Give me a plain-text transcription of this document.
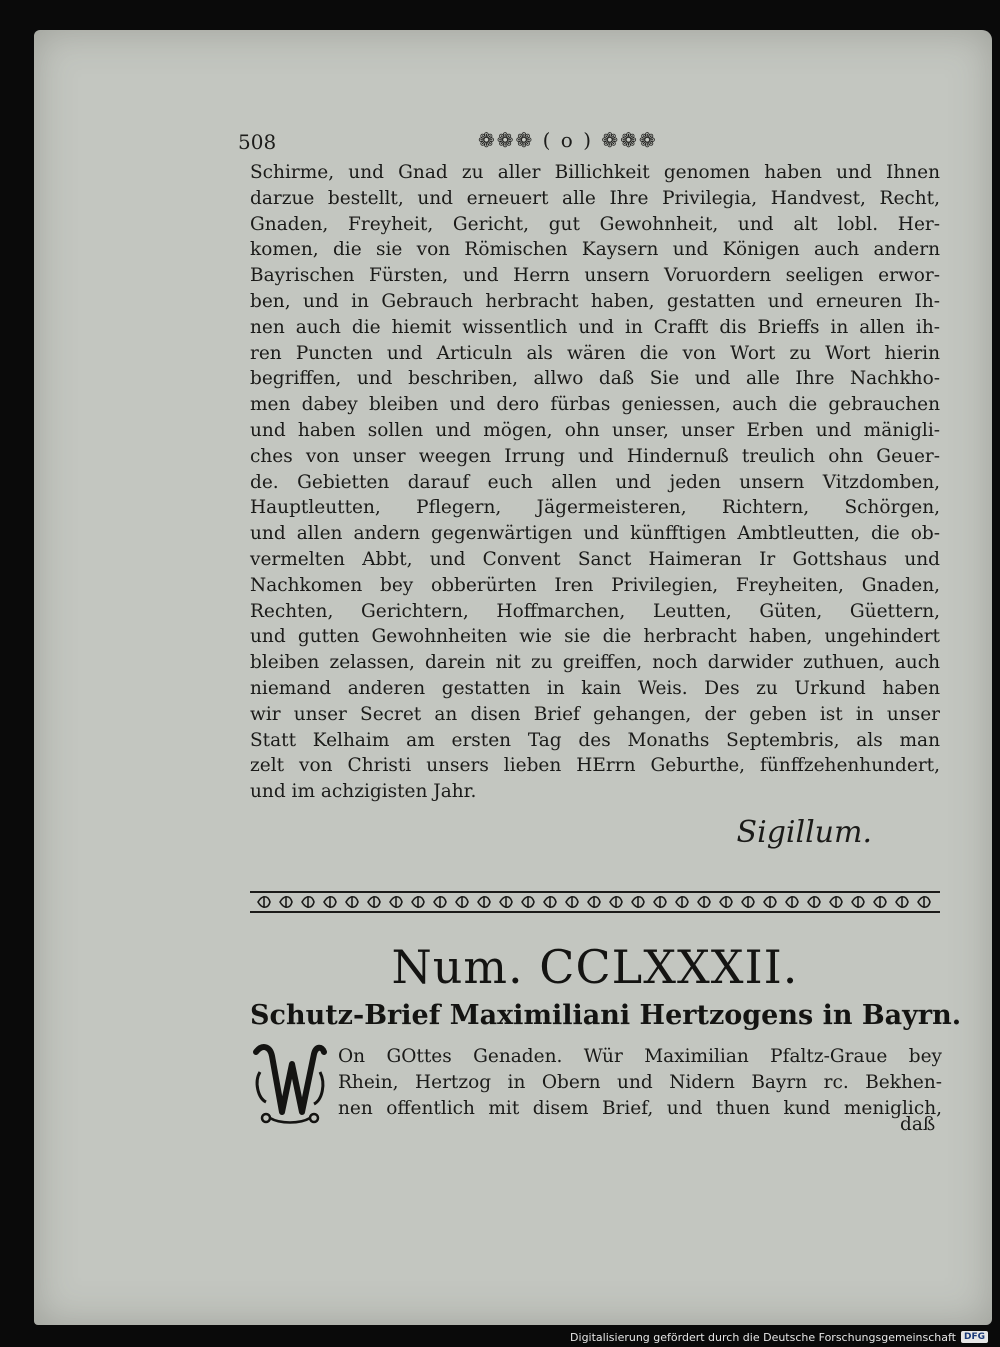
508	❁❁❁ ( o ) ❁❁❁
Schirme, und Gnad zu aller Billichkeit genomen haben und Ihnen
darzue bestellt, und erneuert alle Ihre Privilegia, Handvest, Recht,
Gnaden, Freyheit, Gericht, gut Gewohnheit, und alt lobl. Her-
komen, die sie von Römischen Kaysern und Königen auch andern
Bayrischen Fürsten, und Herrn unsern Voruordern seeligen erwor-
ben, und in Gebrauch herbracht haben, gestatten und erneuren Ih-
nen auch die hiemit wissentlich und in Crafft dis Brieffs in allen ih-
ren Puncten und Articuln als wären die von Wort zu Wort hierin
begriffen, und beschriben, allwo daß Sie und alle Ihre Nachkho-
men dabey bleiben und dero fürbas geniessen, auch die gebrauchen
und haben sollen und mögen, ohn unser, unser Erben und mänigli-
ches von unser weegen Irrung und Hindernuß treulich ohn Geuer-
de. Gebietten darauf euch allen und jeden unsern Vitzdomben,
Hauptleutten, Pflegern, Jägermeisteren, Richtern, Schörgen,
und allen andern gegenwärtigen und künfftigen Ambtleutten, die ob-
vermelten Abbt, und Convent Sanct Haimeran Ir Gottshaus und
Nachkomen bey obberürten Iren Privilegien, Freyheiten, Gnaden,
Rechten, Gerichtern, Hoffmarchen, Leutten, Güten, Güettern,
und gutten Gewohnheiten wie sie die herbracht haben, ungehindert
bleiben zelassen, darein nit zu greiffen, noch darwider zuthuen, auch
niemand anderen gestatten in kain Weis. Des zu Urkund haben
wir unser Secret an disen Brief gehangen, der geben ist in unser
Statt Kelhaim am ersten Tag des Monaths Septembris, als man
zelt von Christi unsers lieben HErrn Geburthe, fünffzehenhundert,
und im achzigisten Jahr.
Sigillum.
Num. CCLXXXII.
Schutz-Brief Maximiliani Hertzogens in Bayrn.
On GOttes Genaden. Wür Maximilian Pfaltz-Graue bey
Rhein, Hertzog in Obern und Nidern Bayrn rc. Bekhen-
nen offentlich mit disem Brief, und thuen kund meniglich,
daß
Digitalisierung gefördert durch die Deutsche Forschungsgemeinschaft DFG
